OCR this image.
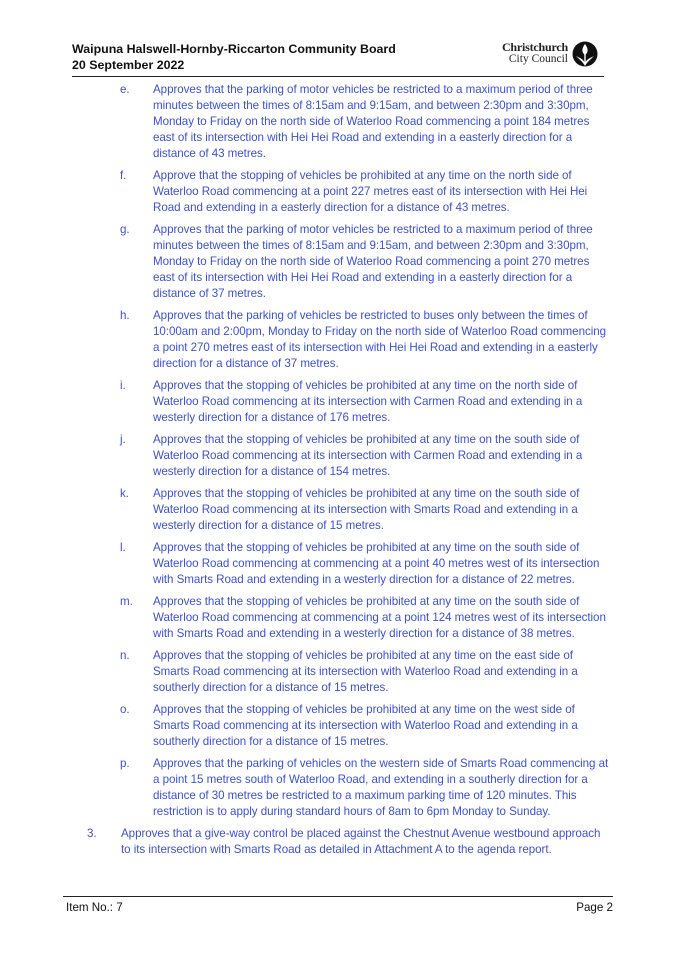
Waipuna Halswell-Hornby-Riccarton Community Board
20 September 2022
Christchurch
City Council
e. Approves that the parking of motor vehicles be restricted to a maximum period of three minutes between the times of 8:15am and 9:15am, and between 2:30pm and 3:30pm, Monday to Friday on the north side of Waterloo Road commencing a point 184 metres east of its intersection with Hei Hei Road and extending in a easterly direction for a distance of 43 metres.
f. Approve that the stopping of vehicles be prohibited at any time on the north side of Waterloo Road commencing at a point 227 metres east of its intersection with Hei Hei Road and extending in a easterly direction for a distance of 43 metres.
g. Approves that the parking of motor vehicles be restricted to a maximum period of three minutes between the times of 8:15am and 9:15am, and between 2:30pm and 3:30pm, Monday to Friday on the north side of Waterloo Road commencing a point 270 metres east of its intersection with Hei Hei Road and extending in a easterly direction for a distance of 37 metres.
h. Approves that the parking of vehicles be restricted to buses only between the times of 10:00am and 2:00pm, Monday to Friday on the north side of Waterloo Road commencing a point 270 metres east of its intersection with Hei Hei Road and extending in a easterly direction for a distance of 37 metres.
i. Approves that the stopping of vehicles be prohibited at any time on the north side of Waterloo Road commencing at its intersection with Carmen Road and extending in a westerly direction for a distance of 176 metres.
j. Approves that the stopping of vehicles be prohibited at any time on the south side of Waterloo Road commencing at its intersection with Carmen Road and extending in a westerly direction for a distance of 154 metres.
k. Approves that the stopping of vehicles be prohibited at any time on the south side of Waterloo Road commencing at its intersection with Smarts Road and extending in a westerly direction for a distance of 15 metres.
l. Approves that the stopping of vehicles be prohibited at any time on the south side of Waterloo Road commencing at commencing at a point 40 metres west of its intersection with Smarts Road and extending in a westerly direction for a distance of 22 metres.
m. Approves that the stopping of vehicles be prohibited at any time on the south side of Waterloo Road commencing at commencing at a point 124 metres west of its intersection with Smarts Road and extending in a westerly direction for a distance of 38 metres.
n. Approves that the stopping of vehicles be prohibited at any time on the east side of Smarts Road commencing at its intersection with Waterloo Road and extending in a southerly direction for a distance of 15 metres.
o. Approves that the stopping of vehicles be prohibited at any time on the west side of Smarts Road commencing at its intersection with Waterloo Road and extending in a southerly direction for a distance of 15 metres.
p. Approves that the parking of vehicles on the western side of Smarts Road commencing at a point 15 metres south of Waterloo Road, and extending in a southerly direction for a distance of 30 metres be restricted to a maximum parking time of 120 minutes. This restriction is to apply during standard hours of 8am to 6pm Monday to Sunday.
3. Approves that a give-way control be placed against the Chestnut Avenue westbound approach to its intersection with Smarts Road as detailed in Attachment A to the agenda report.
Item No.: 7	Page 2
